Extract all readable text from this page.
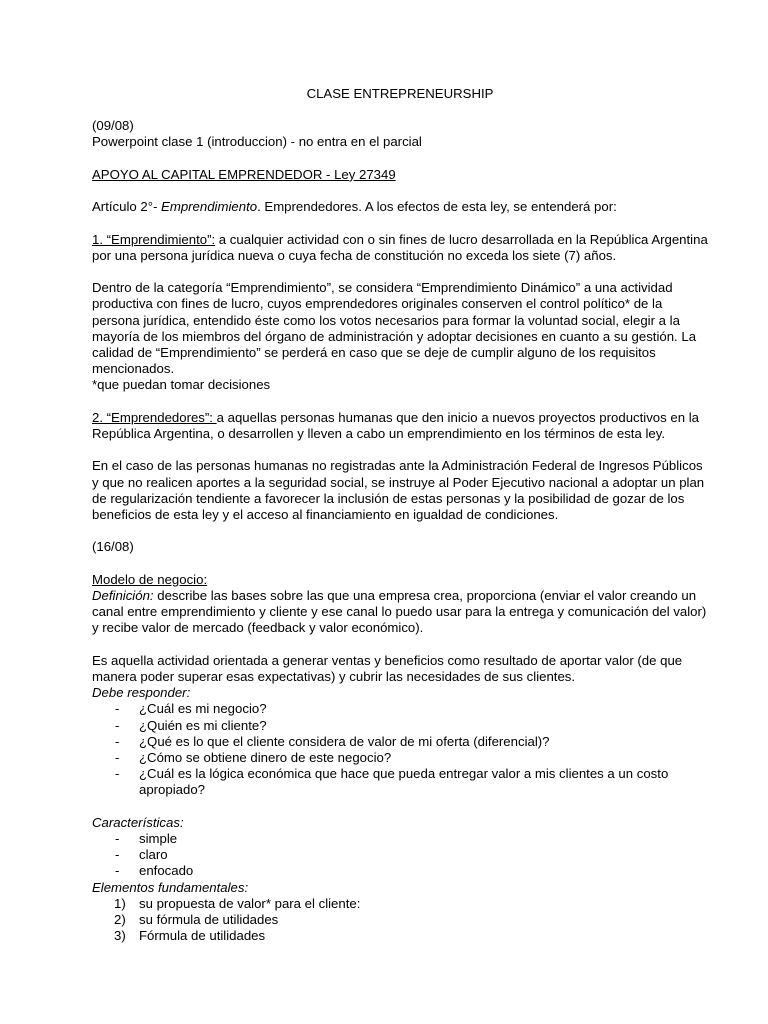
CLASE ENTREPRENEURSHIP

(09/08)
Powerpoint clase 1 (introduccion) - no entra en el parcial

APOYO AL CAPITAL EMPRENDEDOR - Ley 27349

Artículo 2°- Emprendimiento. Emprendedores. A los efectos de esta ley, se entenderá por:

1. “Emprendimiento”: a cualquier actividad con o sin fines de lucro desarrollada en la República Argentina por una persona jurídica nueva o cuya fecha de constitución no exceda los siete (7) años.

Dentro de la categoría “Emprendimiento”, se considera “Emprendimiento Dinámico” a una actividad productiva con fines de lucro, cuyos emprendedores originales conserven el control político* de la persona jurídica, entendido éste como los votos necesarios para formar la voluntad social, elegir a la mayoría de los miembros del órgano de administración y adoptar decisiones en cuanto a su gestión. La calidad de “Emprendimiento” se perderá en caso que se deje de cumplir alguno de los requisitos mencionados.
*que puedan tomar decisiones

2. “Emprendedores”: a aquellas personas humanas que den inicio a nuevos proyectos productivos en la República Argentina, o desarrollen y lleven a cabo un emprendimiento en los términos de esta ley.

En el caso de las personas humanas no registradas ante la Administración Federal de Ingresos Públicos y que no realicen aportes a la seguridad social, se instruye al Poder Ejecutivo nacional a adoptar un plan de regularización tendiente a favorecer la inclusión de estas personas y la posibilidad de gozar de los beneficios de esta ley y el acceso al financiamiento en igualdad de condiciones.

(16/08)

Modelo de negocio:
Definición: describe las bases sobre las que una empresa crea, proporciona (enviar el valor creando un canal entre emprendimiento y cliente y ese canal lo puedo usar para la entrega y comunicación del valor) y recibe valor de mercado (feedback y valor económico).

Es aquella actividad orientada a generar ventas y beneficios como resultado de aportar valor (de que manera poder superar esas expectativas) y cubrir las necesidades de sus clientes.
Debe responder:
- ¿Cuál es mi negocio?
- ¿Quién es mi cliente?
- ¿Qué es lo que el cliente considera de valor de mi oferta (diferencial)?
- ¿Cómo se obtiene dinero de este negocio?
- ¿Cuál es la lógica económica que hace que pueda entregar valor a mis clientes a un costo apropiado?
Características:
- simple
- claro
- enfocado
Elementos fundamentales:
1) su propuesta de valor* para el cliente:
2) su fórmula de utilidades
3) Fórmula de utilidades
